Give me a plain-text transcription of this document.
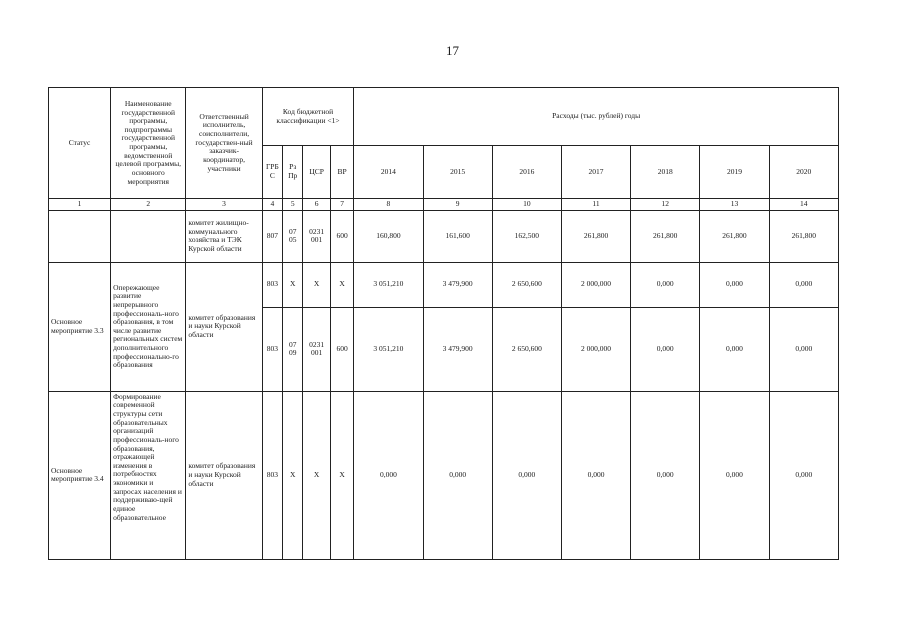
17
Статус	Наименование государственной программы, подпрограммы государственной программы, ведомственной целевой программы, основного мероприятия	Ответственный исполнитель, соисполнители, государствен-ный заказчик-координатор, участники	Код бюджетной классификации <1>				Расходы (тыс. рублей) годы						
			ГРБ С	Рз Пр	ЦСР	ВР	2014	2015	2016	2017	2018	2019	2020
1	2	3	4	5	6	7	8	9	10	11	12	13	14
		комитет жилищно-коммунального хозяйства и ТЭК Курской области	807	07 05	0231 001	600	160,800	161,600	162,500	261,800	261,800	261,800	261,800
Основное мероприятие 3.3	Опережающее развитие непрерывного профессиональ-ного образования, в том числе развитие региональных систем дополнительного профессионально-го образования	комитет образования и науки Курской области	803	Х	Х	Х	3 051,210	3 479,900	2 650,600	2 000,000	0,000	0,000	0,000
			803	07 09	0231 001	600	3 051,210	3 479,900	2 650,600	2 000,000	0,000	0,000	0,000
Основное мероприятие 3.4	Формирование современной структуры сети образовательных организаций профессиональ-ного образования, отражающей изменения в потребностях экономики и запросах населения и поддерживаю-щей единое образовательное	комитет образования и науки Курской области	803	Х	Х	Х	0,000	0,000	0,000	0,000	0,000	0,000	0,000
